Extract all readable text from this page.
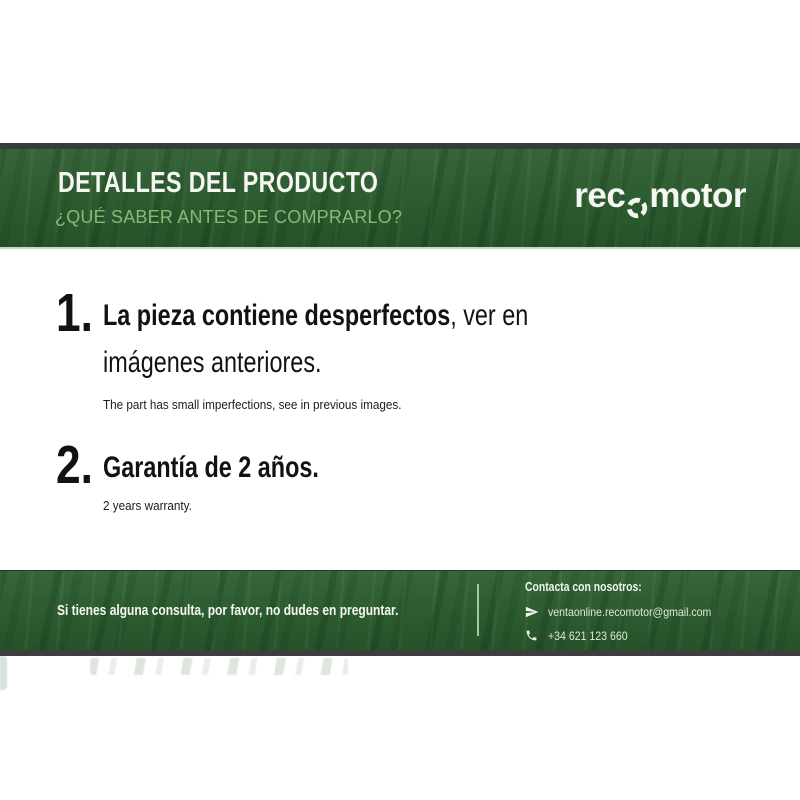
DETALLES DEL PRODUCTO
¿QUÉ SABER ANTES DE COMPRARLO?
rec motor
1. La pieza contiene desperfectos, ver en
imágenes anteriores.
The part has small imperfections, see in previous images.
2. Garantía de 2 años.
2 years warranty.
Si tienes alguna consulta, por favor, no dudes en preguntar.
Contacta con nosotros:
ventaonline.recomotor@gmail.com
+34 621 123 660
